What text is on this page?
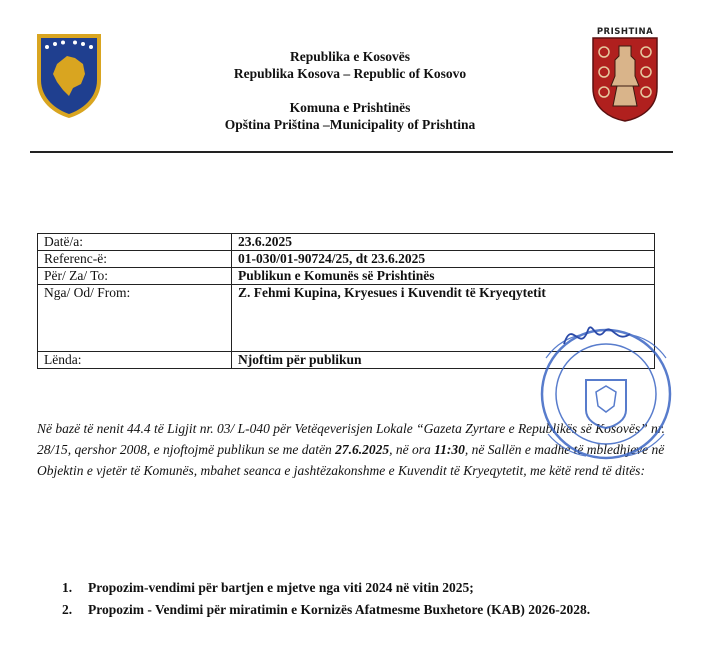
PRISHTINA
Republika e Kosovës
Republika Kosova – Republic of Kosovo
Komuna e Prishtinës
Opština Priština –Municipality of Prishtina
Datë/a:	23.6.2025
Referenc-ë:	01-030/01-90724/25, dt 23.6.2025
Për/ Za/ To:	Publikun e Komunës së Prishtinës
Nga/ Od/ From:	Z. Fehmi Kupina, Kryesues i Kuvendit të Kryeqytetit
Lënda:	Njoftim për publikun

Në bazë të nenit 44.4 të Ligjit nr. 03/ L-040 për Vetëqeverisjen Lokale “Gazeta Zyrtare e Republikës së Kosovës” nr. 28/15, qershor 2008, e njoftojmë publikun se me datën 27.6.2025, në ora 11:30, në Sallën e madhe të mbledhjeve në Objektin e vjetër të Komunës, mbahet seanca e jashtëzakonshme e Kuvendit të Kryeqytetit, me këtë rend të ditës:

1. Propozim-vendimi për bartjen e mjetve nga viti 2024 në vitin 2025;
2. Propozim - Vendimi për miratimin e Kornizës Afatmesme Buxhetore (KAB) 2026-2028.
